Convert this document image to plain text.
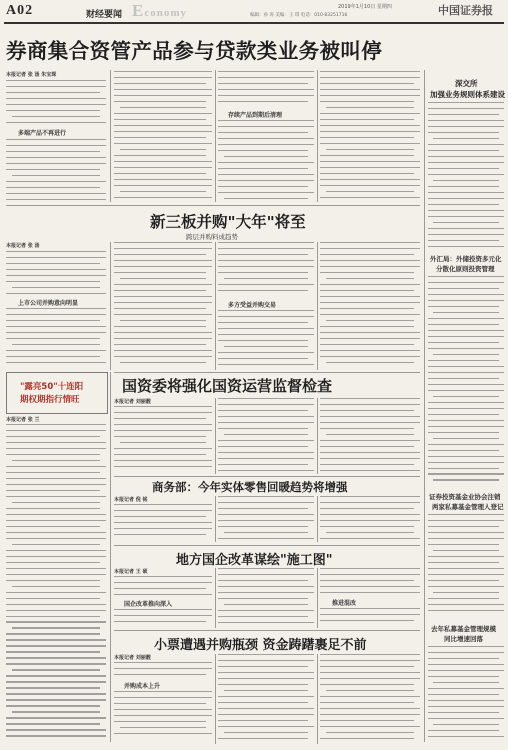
A02	财经要闻 Economy	2019年1月10日 星期四
编辑：孙 涛 美编：王 琪 电话：010-83251716	中国证券报
券商集合资管产品参与贷款类业务被叫停
本报记者 张 汤 朱宝琛
多端产品不再进行
存续产品到期后清理
深交所
加强业务规则体系建设
外汇局：外储投资多元化
分散化原则投资管理
证券投资基金业协会注销
两家私募基金管理人登记
去年私募基金管理规模
同比增速回落
新三板并购"大年"将至
跨层并购料成趋势
本报记者 张 汤
上市公司并购意向明显	多方受益并购交易
"露亮50"十连阳
期权期指行情旺
本报记者 张 兰
国资委将强化国资运营监督检查
本报记者 刘丽靓
商务部：今年实体零售回暖趋势将增强
本报记者 倪 铭
地方国企改革谋绘"施工图"
本报记者 王 硕
国企改革推向深入	推进混改
小票遭遇并购瓶颈 资金踌躇裹足不前
本报记者 刘丽靓
并购成本上升
